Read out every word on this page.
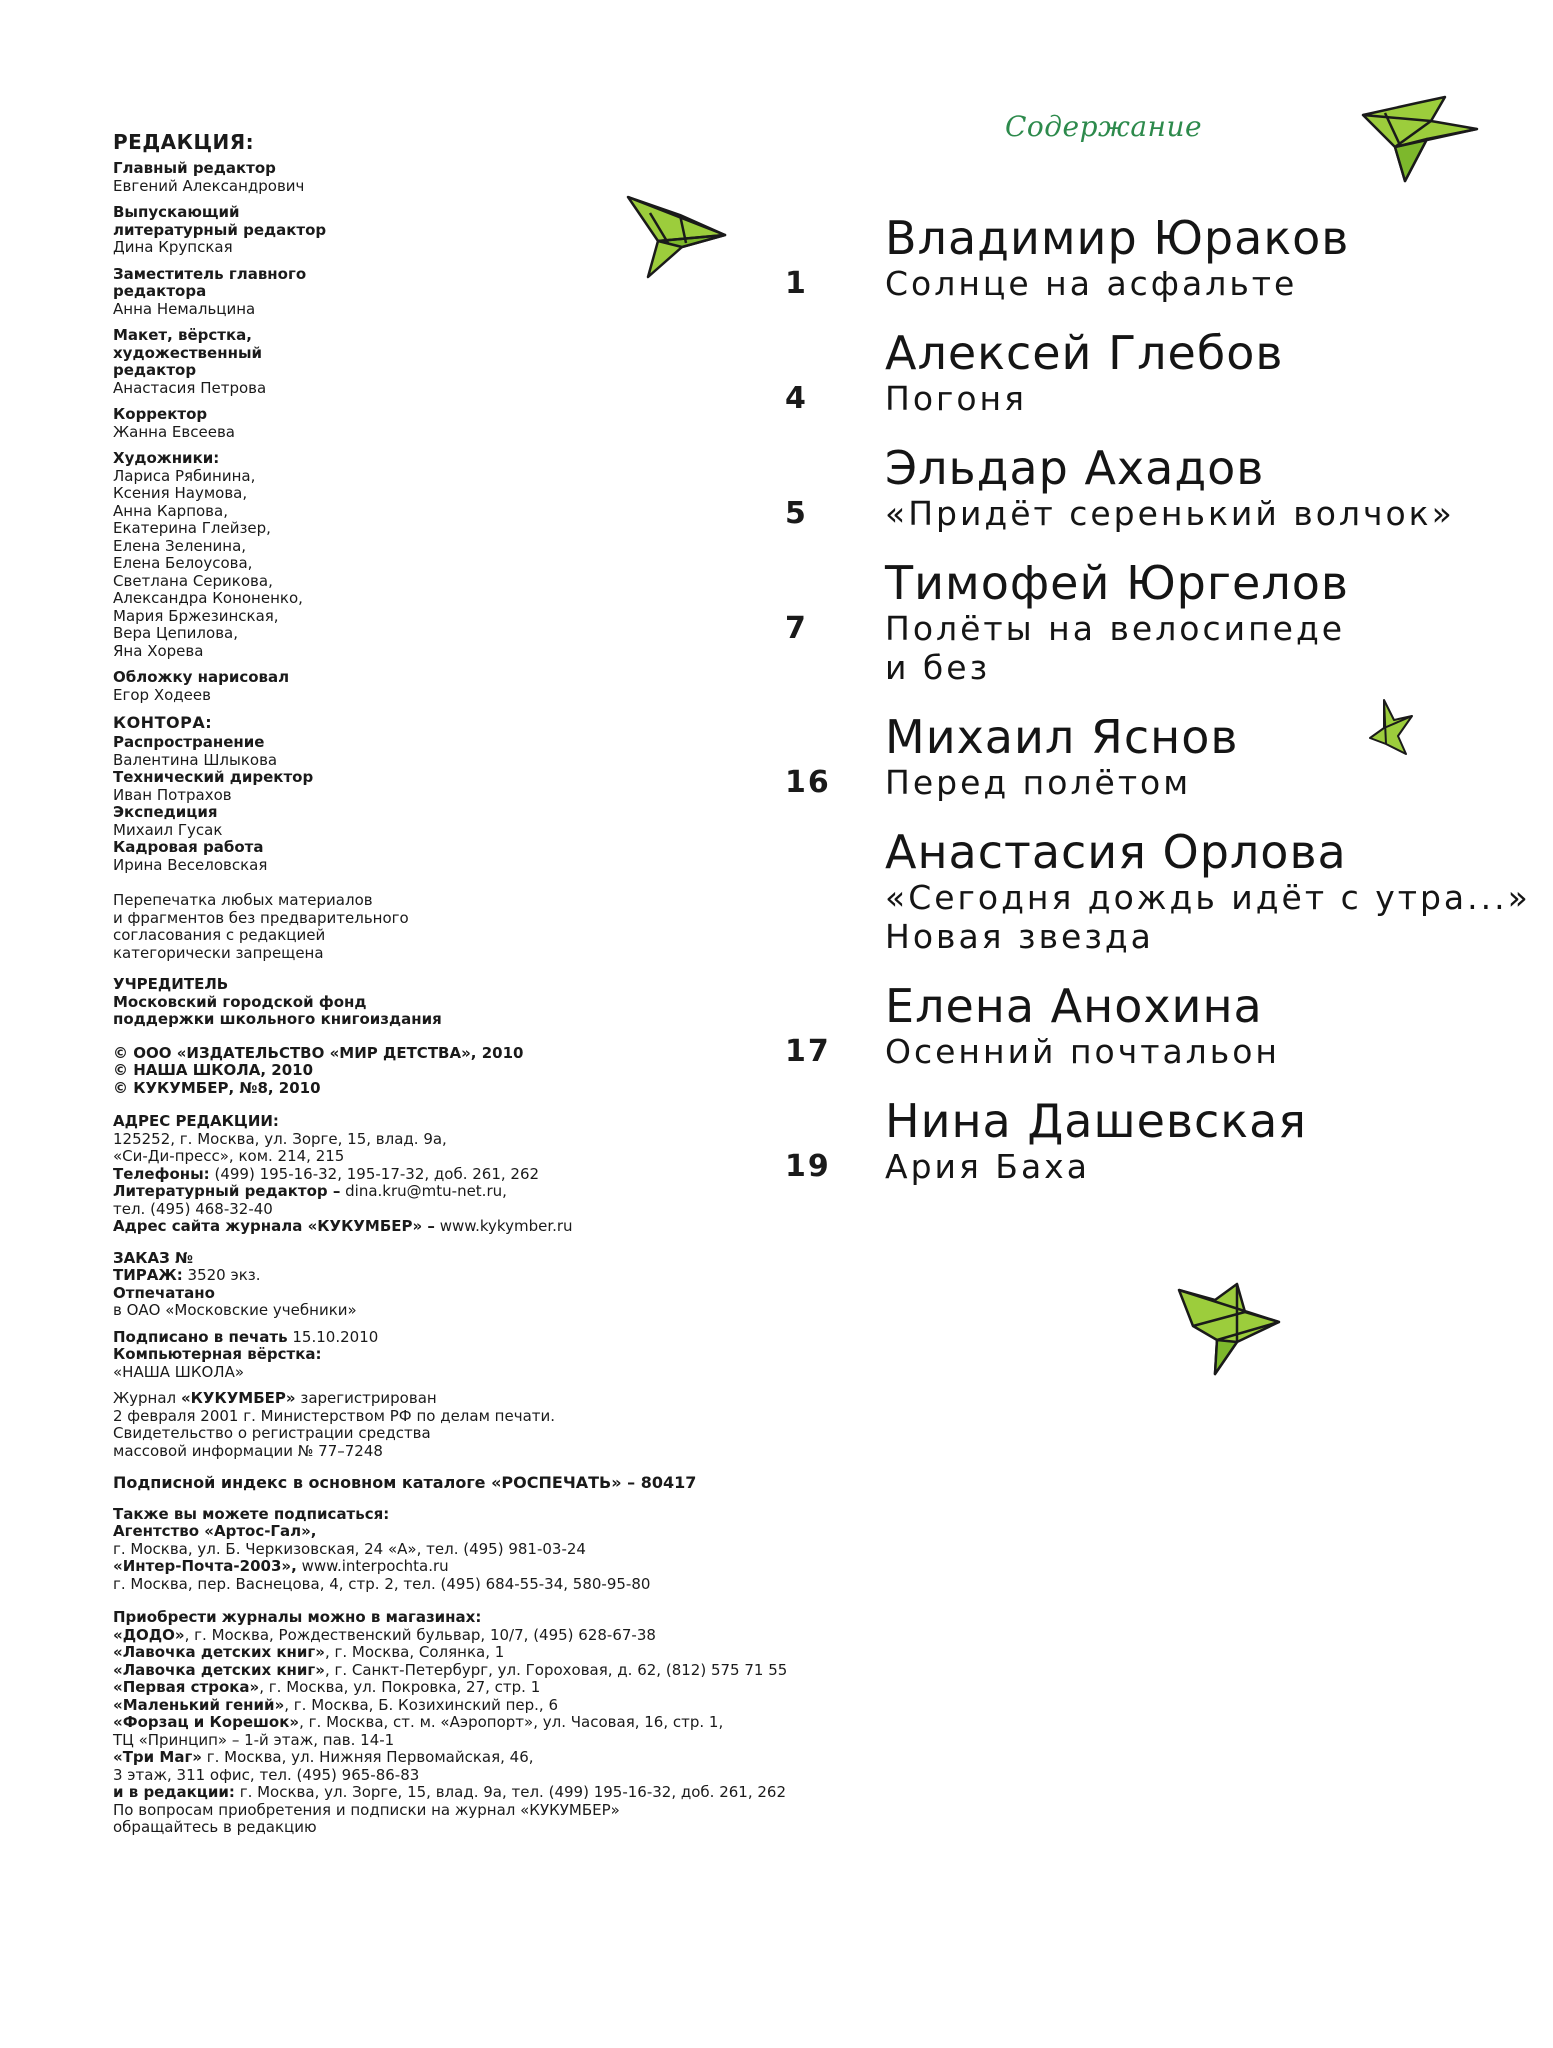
РЕДАКЦИЯ:
Главный редактор
Евгений Александрович
Выпускающий литературный редактор
Дина Крупская
Заместитель главного редактора
Анна Немальцина
Макет, вёрстка, художественный редактор
Анастасия Петрова
Корректор
Жанна Евсеева
Художники:
Лариса Рябинина,
Ксения Наумова,
Анна Карпова,
Екатерина Глейзер,
Елена Зеленина,
Елена Белоусова,
Светлана Серикова,
Александра Кононенко,
Мария Бржезинская,
Вера Цепилова,
Яна Хорева
Обложку нарисовал
Егор Ходеев
КОНТОРА:
Распространение
Валентина Шлыкова
Технический директор
Иван Потрахов
Экспедиция
Михаил Гусак
Кадровая работа
Ирина Веселовская
Перепечатка любых материалов
и фрагментов без предварительного
согласования с редакцией
категорически запрещена
УЧРЕДИТЕЛЬ
Московский городской фонд
поддержки школьного книгоиздания
© ООО «ИЗДАТЕЛЬСТВО «МИР ДЕТСТВА», 2010
© НАША ШКОЛА, 2010
© КУКУМБЕР, №8, 2010
АДРЕС РЕДАКЦИИ:
125252, г. Москва, ул. Зорге, 15, влад. 9а,
«Си-Ди-пресс», ком. 214, 215
Телефоны: (499) 195-16-32, 195-17-32, доб. 261, 262
Литературный редактор – dina.kru@mtu-net.ru,
тел. (495) 468-32-40
Адрес сайта журнала «КУКУМБЕР» – www.kykymber.ru
ЗАКАЗ №
ТИРАЖ: 3520 экз.
Отпечатано
в ОАО «Московские учебники»
Подписано в печать 15.10.2010
Компьютерная вёрстка:
«НАША ШКОЛА»
Журнал «КУКУМБЕР» зарегистрирован
2 февраля 2001 г. Министерством РФ по делам печати.
Свидетельство о регистрации средства
массовой информации № 77–7248
Подписной индекс в основном каталоге «РОСПЕЧАТЬ» – 80417
Также вы можете подписаться:
Агентство «Артос-Гал»,
г. Москва, ул. Б. Черкизовская, 24 «А», тел. (495) 981-03-24
«Интер-Почта-2003», www.interpochta.ru
г. Москва, пер. Васнецова, 4, стр. 2, тел. (495) 684-55-34, 580-95-80
Приобрести журналы можно в магазинах:
«ДОДО», г. Москва, Рождественский бульвар, 10/7, (495) 628-67-38
«Лавочка детских книг», г. Москва, Солянка, 1
«Лавочка детских книг», г. Санкт-Петербург, ул. Гороховая, д. 62, (812) 575 71 55
«Первая строка», г. Москва, ул. Покровка, 27, стр. 1
«Маленький гений», г. Москва, Б. Козихинский пер., 6
«Форзац и Корешок», г. Москва, ст. м. «Аэропорт», ул. Часовая, 16, стр. 1,
ТЦ «Принцип» – 1-й этаж, пав. 14-1
«Три Маг» г. Москва, ул. Нижняя Первомайская, 46,
3 этаж, 311 офис, тел. (495) 965-86-83
и в редакции: г. Москва, ул. Зорге, 15, влад. 9а, тел. (499) 195-16-32, доб. 261, 262
По вопросам приобретения и подписки на журнал «КУКУМБЕР»
обращайтесь в редакцию
Содержание
Владимир Юраков
1 Солнце на асфальте
Алексей Глебов
4 Погоня
Эльдар Ахадов
5 «Придёт серенький волчок»
Тимофей Юргелов
7 Полёты на велосипеде
и без
Михаил Яснов
16 Перед полётом
Анастасия Орлова
«Сегодня дождь идёт с утра...»
Новая звезда
Елена Анохина
17 Осенний почтальон
Нина Дашевская
19 Ария Баха
